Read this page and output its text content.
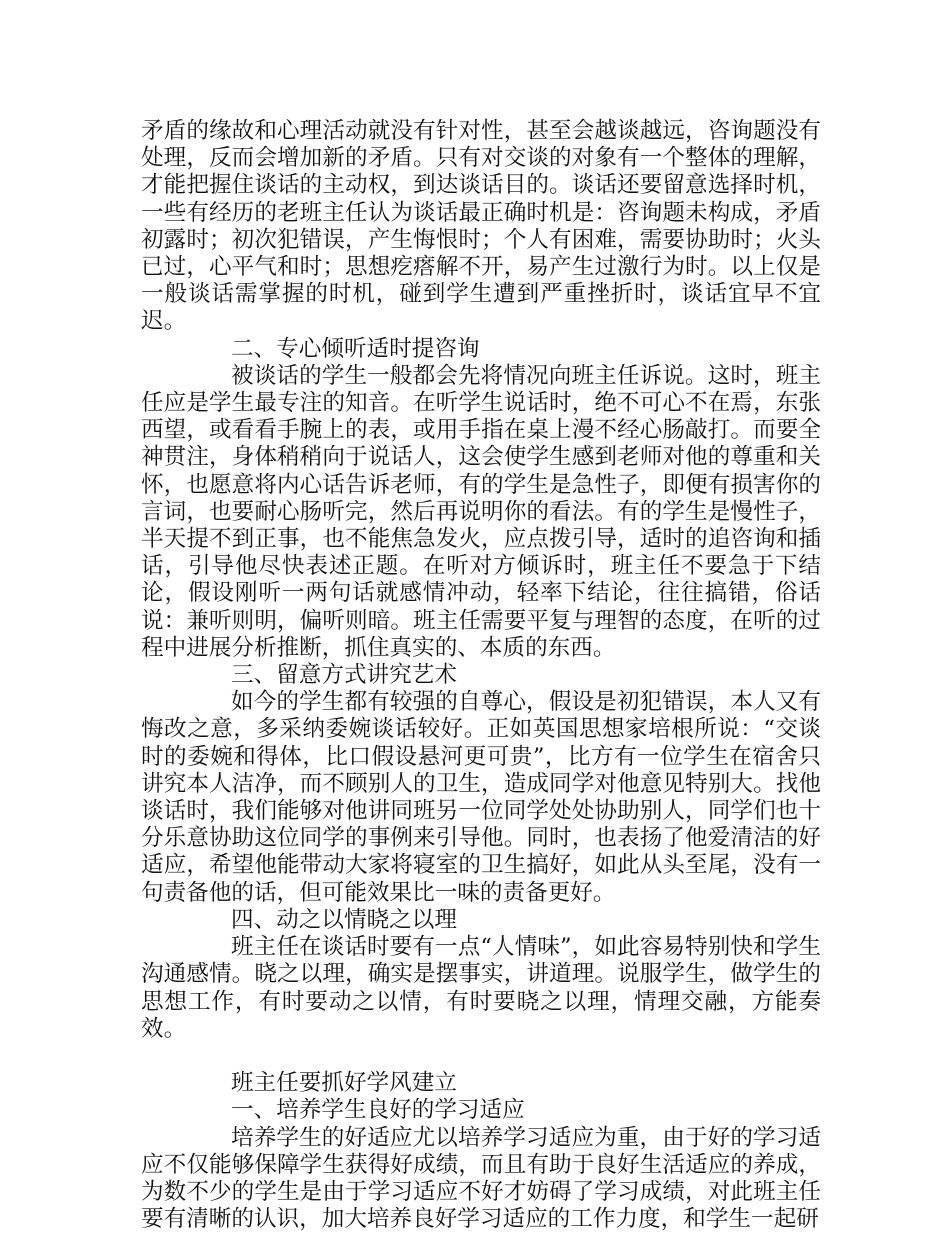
矛盾的缘故和心理活动就没有针对性，甚至会越谈越远，咨询题没有处理，反而会增加新的矛盾。只有对交谈的对象有一个整体的理解，才能把握住谈话的主动权，到达谈话目的。谈话还要留意选择时机，一些有经历的老班主任认为谈话最正确时机是：咨询题未构成，矛盾初露时；初次犯错误，产生悔恨时；个人有困难，需要协助时；火头已过，心平气和时；思想疙瘩解不开，易产生过激行为时。以上仅是一般谈话需掌握的时机，碰到学生遭到严重挫折时，谈话宜早不宜迟。

二、专心倾听适时提咨询

被谈话的学生一般都会先将情况向班主任诉说。这时，班主任应是学生最专注的知音。在听学生说话时，绝不可心不在焉，东张西望，或看看手腕上的表，或用手指在桌上漫不经心肠敲打。而要全神贯注，身体稍稍向于说话人，这会使学生感到老师对他的尊重和关怀，也愿意将内心话告诉老师，有的学生是急性子，即便有损害你的言词，也要耐心肠听完，然后再说明你的看法。有的学生是慢性子，半天提不到正事，也不能焦急发火，应点拨引导，适时的追咨询和插话，引导他尽快表述正题。在听对方倾诉时，班主任不要急于下结论，假设刚听一两句话就感情冲动，轻率下结论，往往搞错，俗话说：兼听则明，偏听则暗。班主任需要平复与理智的态度，在听的过程中进展分析推断，抓住真实的、本质的东西。

三、留意方式讲究艺术

如今的学生都有较强的自尊心，假设是初犯错误，本人又有悔改之意，多采纳委婉谈话较好。正如英国思想家培根所说：“交谈时的委婉和得体，比口假设悬河更可贵”，比方有一位学生在宿舍只讲究本人洁净，而不顾别人的卫生，造成同学对他意见特别大。找他谈话时，我们能够对他讲同班另一位同学处处协助别人，同学们也十分乐意协助这位同学的事例来引导他。同时，也表扬了他爱清洁的好适应，希望他能带动大家将寝室的卫生搞好，如此从头至尾，没有一句责备他的话，但可能效果比一味的责备更好。

四、动之以情晓之以理

班主任在谈话时要有一点“人情味”，如此容易特别快和学生沟通感情。晓之以理，确实是摆事实，讲道理。说服学生，做学生的思想工作，有时要动之以情，有时要晓之以理，情理交融，方能奏效。

班主任要抓好学风建立

一、培养学生良好的学习适应

培养学生的好适应尤以培养学习适应为重，由于好的学习适应不仅能够保障学生获得好成绩，而且有助于良好生活适应的养成，为数不少的学生是由于学习适应不好才妨碍了学习成绩，对此班主任要有清晰的认识，加大培养良好学习适应的工作力度，和学生一起研
